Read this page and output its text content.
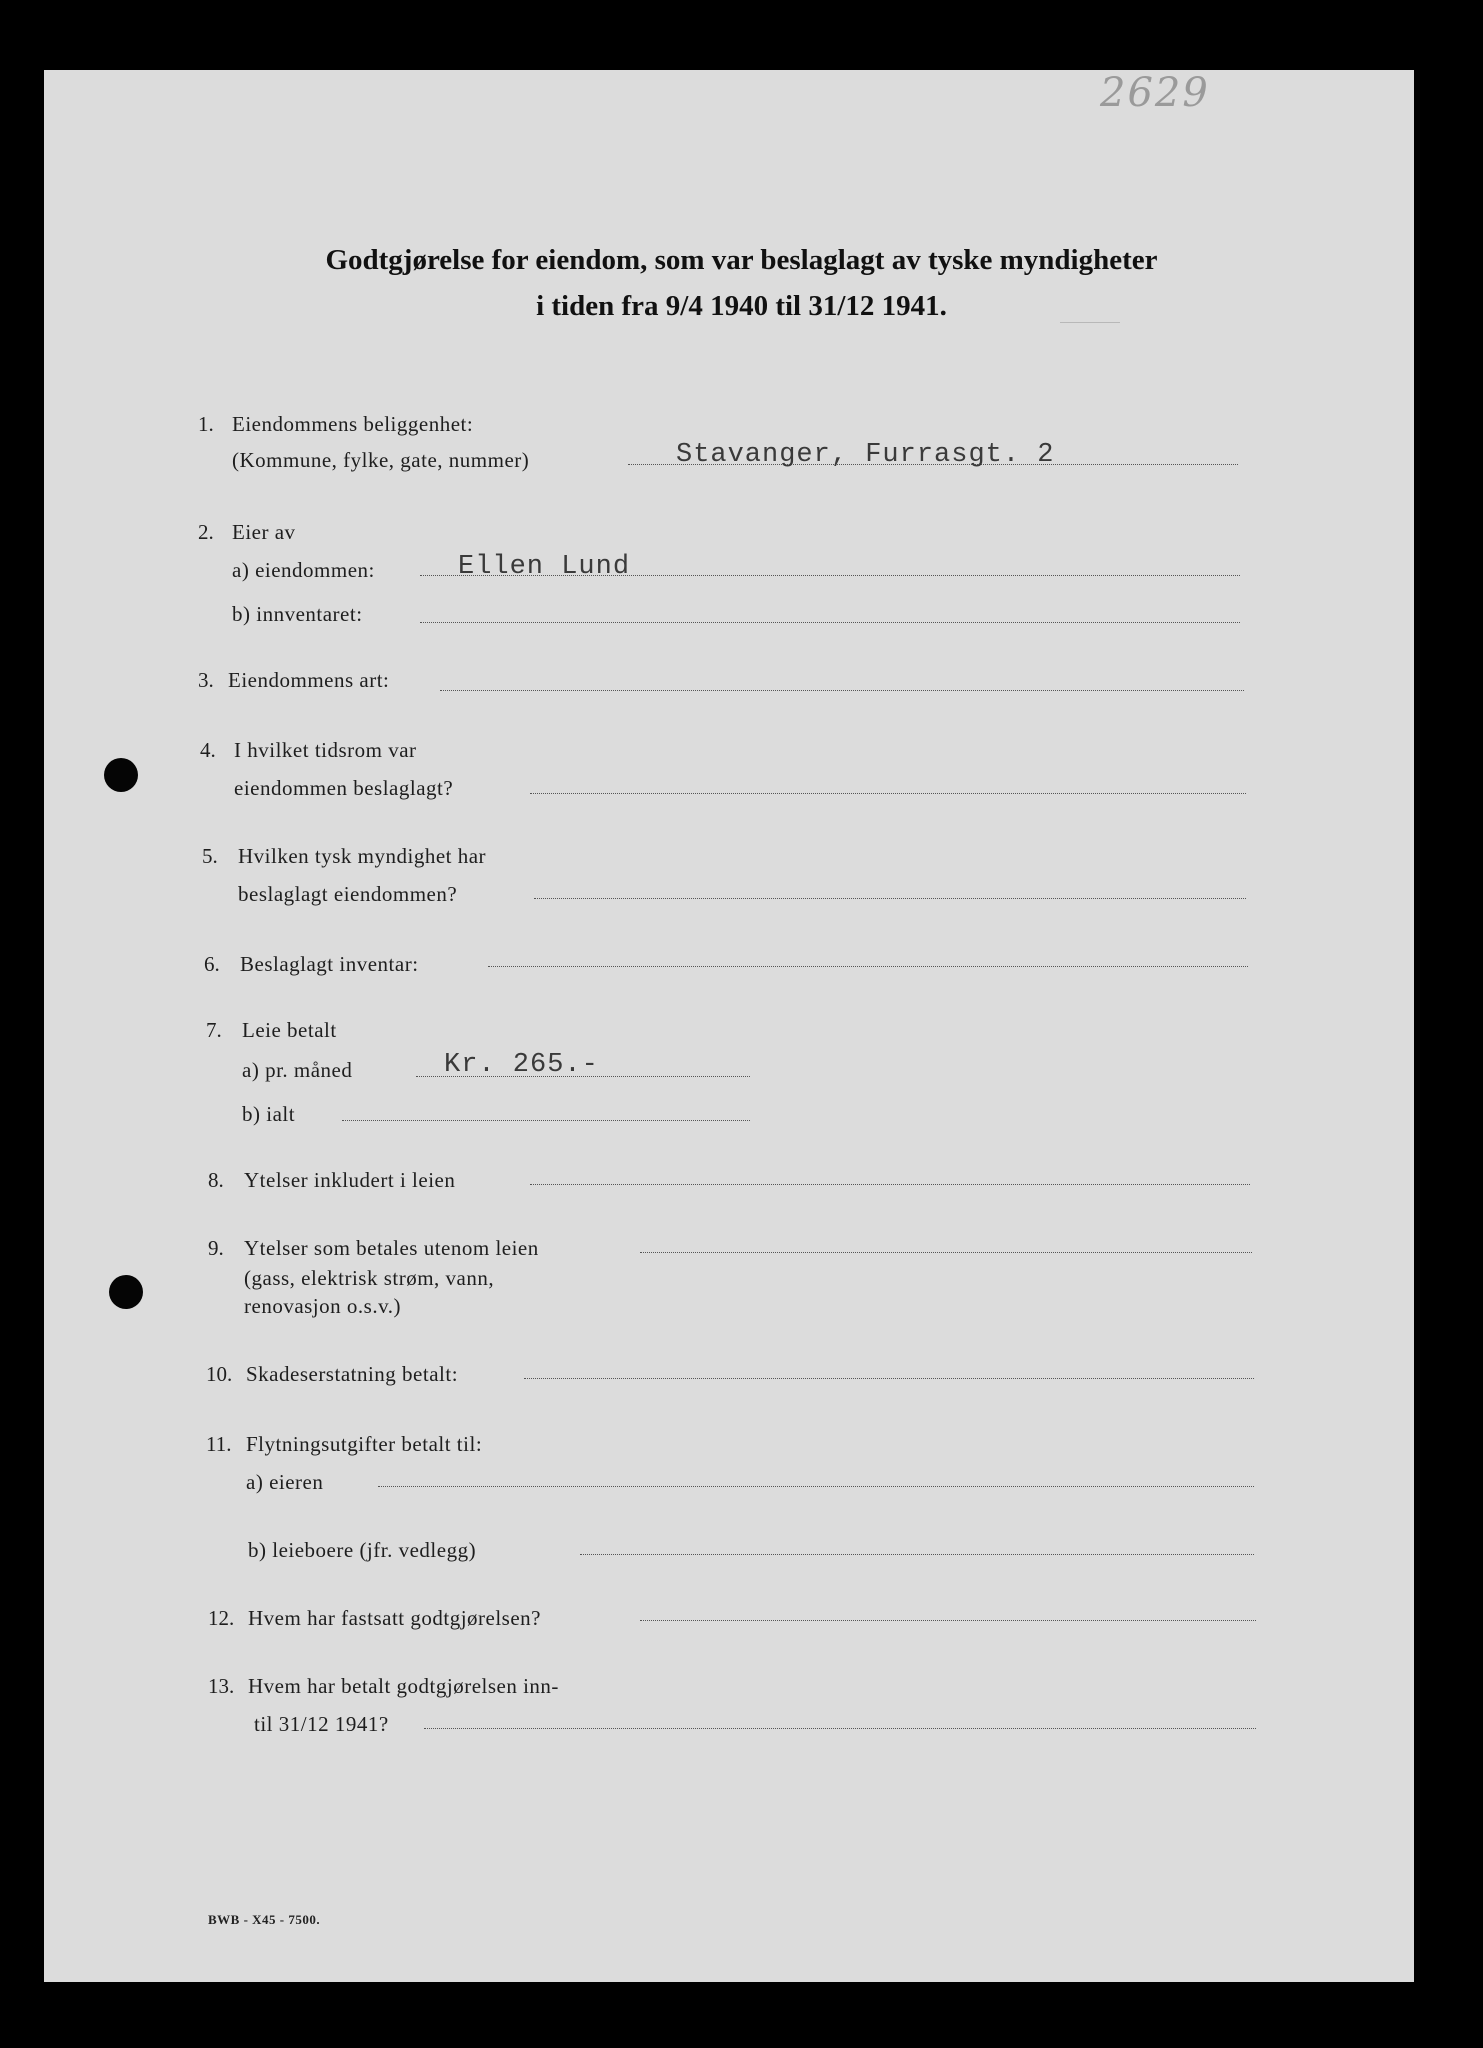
2629
Godtgjørelse for eiendom, som var beslaglagt av tyske myndigheter
i tiden fra 9/4 1940 til 31/12 1941.
1. Eiendommens beliggenhet:
(Kommune, fylke, gate, nummer)	Stavanger, Furrasgt. 2
2. Eier av
a) eiendommen:	Ellen Lund
b) innventaret:
3. Eiendommens art:
4. I hvilket tidsrom var
eiendommen beslaglagt?
5. Hvilken tysk myndighet har
beslaglagt eiendommen?
6. Beslaglagt inventar:
7. Leie betalt
a) pr. måned	Kr. 265.-
b) ialt
8. Ytelser inkludert i leien
9. Ytelser som betales utenom leien
(gass, elektrisk strøm, vann,
renovasjon o.s.v.)
10. Skadeserstatning betalt:
11. Flytningsutgifter betalt til:
a) eieren
b) leieboere (jfr. vedlegg)
12. Hvem har fastsatt godtgjørelsen?
13. Hvem har betalt godtgjørelsen inn-
til 31/12 1941?
BWB - X45 - 7500.
